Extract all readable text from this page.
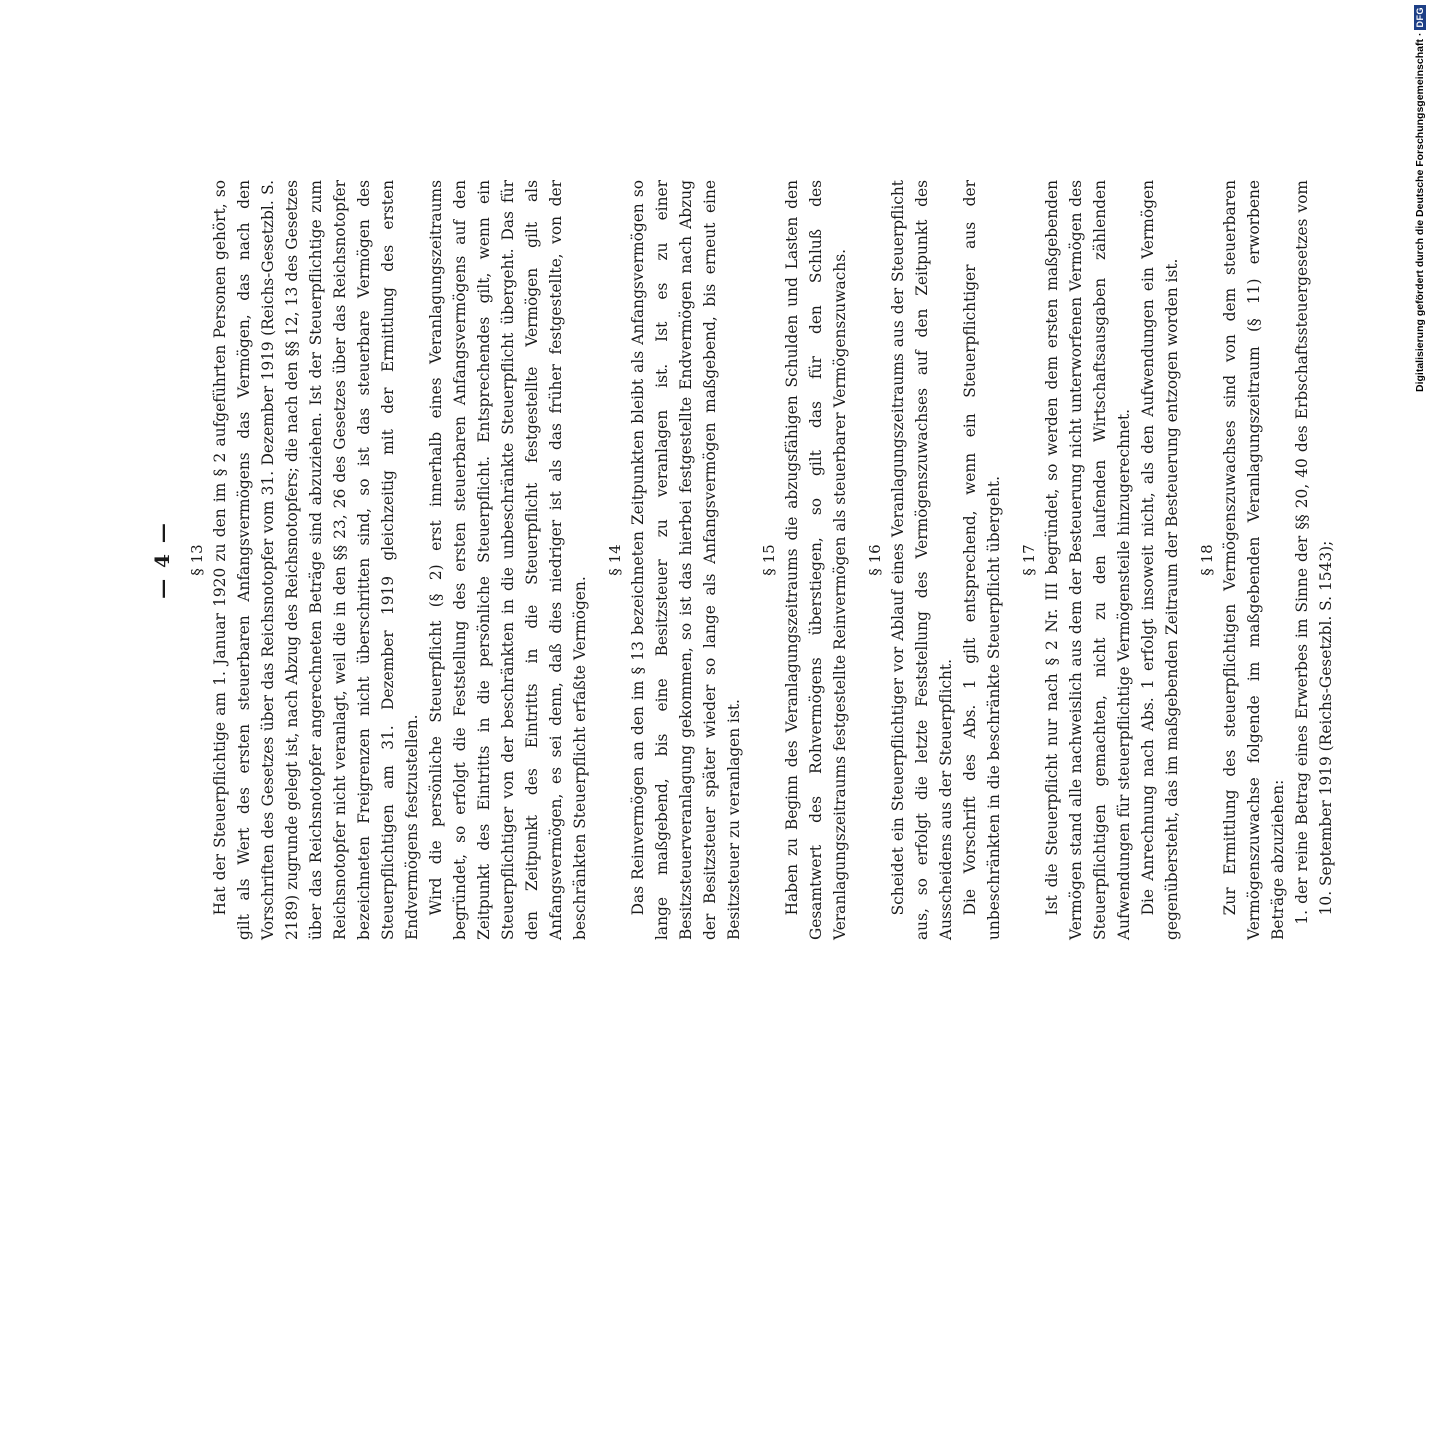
— 4 — § 13 Hat der Steuerpflichtige am 1. Januar 1920 zu den im § 2 aufgeführten Personen gehört, so gilt als Wert des ersten steuerbaren Anfangsvermögens das Vermögen, das nach den Vorschriften des Gesetzes über das Reichsnotopfer vom 31. Dezember 1919 (Reichs-Gesetzbl. S. 2189) zugrunde gelegt ist, nach Abzug des Reichsnotopfers; die nach den §§ 12, 13 des Gesetzes über das Reichsnotopfer angerechneten Beträge sind abzuziehen. Ist der Steuerpflichtige zum Reichsnotopfer nicht veranlagt, weil die in den §§ 23, 26 des Gesetzes über das Reichsnotopfer bezeichneten Freigrenzen nicht überschritten sind, so ist das steuerbare Vermögen des Steuerpflichtigen am 31. Dezember 1919 gleichzeitig mit der Ermittlung des ersten Endvermögens festzustellen. Wird die persönliche Steuerpflicht (§ 2) erst innerhalb eines Veranlagungszeitraums begründet, so erfolgt die Feststellung des ersten steuerbaren Anfangsvermögens auf den Zeitpunkt des Eintritts in die persönliche Steuerpflicht. Entsprechendes gilt, wenn ein Steuerpflichtiger von der beschränkten in die unbeschränkte Steuerpflicht übergeht. Das für den Zeitpunkt des Eintritts in die Steuerpflicht festgestellte Vermögen gilt als Anfangsvermögen, es sei denn, daß dies niedriger ist als das früher festgestellte, von der beschränkten Steuerpflicht erfaßte Vermögen.

§ 14 Das Reinvermögen an den im § 13 bezeichneten Zeitpunkten bleibt als Anfangsvermögen so lange maßgebend, bis eine Besitzsteuer zu veranlagen ist. Ist es zu einer Besitzsteuerveranlagung gekommen, so ist das hierbei festgestellte Endvermögen nach Abzug der Besitzsteuer später wieder so lange als Anfangsvermögen maßgebend, bis erneut eine Besitzsteuer zu veranlagen ist.

§ 15 Haben zu Beginn des Veranlagungszeitraums die abzugsfähigen Schulden und Lasten den Gesamtwert des Rohvermögens überstiegen, so gilt das für den Schluß des Veranlagungszeitraums festgestellte Reinvermögen als steuerbarer Vermögenszuwachs. § 16 Scheidet ein Steuerpflichtiger vor Ablauf eines Veranlagungszeitraums aus der Steuerpflicht aus, so erfolgt die letzte Feststellung des Vermögenszuwachses auf den Zeitpunkt des Ausscheidens aus der Steuerpflicht. Die Vorschrift des Abs. 1 gilt entsprechend, wenn ein Steuerpflichtiger aus der unbeschränkten in die beschränkte Steuerpflicht übergeht. § 17 Ist die Steuerpflicht nur nach § 2 Nr. III begründet, so werden dem ersten maßgebenden Vermögen stand alle nachweislich aus dem der Besteuerung nicht unterworfenen Vermögen des Steuerpflichtigen gemachten, nicht zu den laufenden Wirtschaftsausgaben zählenden Aufwendungen für steuerpflichtige Vermögensteile hinzugerechnet. Die Anrechnung nach Abs. 1 erfolgt insoweit nicht, als den Aufwendungen ein Vermögen gegenübersteht, das im maßgebenden Zeitraum der Besteuerung entzogen worden ist. § 18 Zur Ermittlung des steuerpflichtigen Vermögenszuwachses sind von dem steuerbaren Vermögenszuwachse folgende im maßgebenden Veranlagungszeitraum (§ 11) erworbene Beträge abzuziehen: 1. der reine Betrag eines Erwerbes im Sinne der §§ 20, 40 des Erbschaftssteuergesetzes vom 10. September 1919 (Reichs-Gesetzbl. S. 1543);

Digitalisierung gefördert durch die Deutsche Forschungsgemeinschaft
·
DFG
